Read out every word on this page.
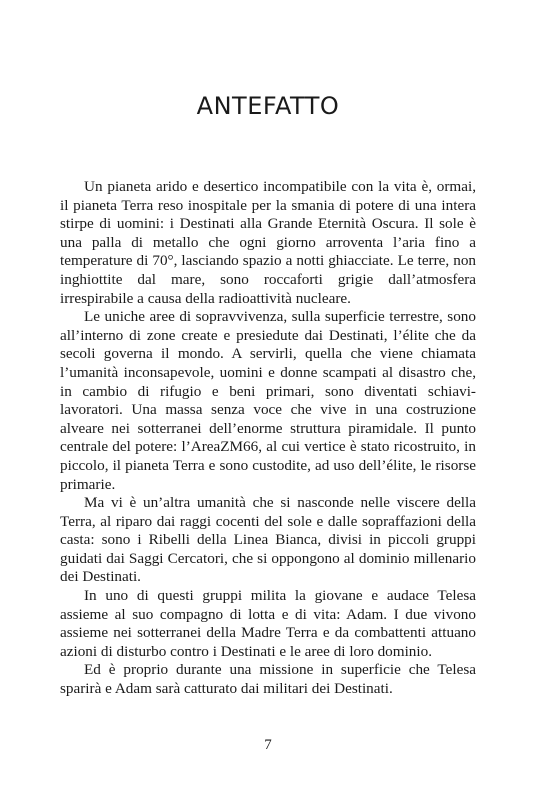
ANTEFATTO

Un pianeta arido e desertico incompatibile con la vita è, ormai, il pianeta Terra reso inospitale per la smania di potere di una intera stirpe di uomini: i Destinati alla Grande Eternità Oscura. Il sole è una palla di metallo che ogni giorno arroventa l’aria fino a temperature di 70°, lasciando spazio a notti ghiacciate. Le terre, non inghiottite dal mare, sono roccaforti grigie dall’atmosfera irrespirabile a causa della radioattività nucleare.

Le uniche aree di sopravvivenza, sulla superficie terrestre, sono all’interno di zone create e presiedute dai Destinati, l’élite che da secoli governa il mondo. A servirli, quella che viene chiamata l’umanità inconsapevole, uomini e donne scampati al disastro che, in cambio di rifugio e beni primari, sono diventati schiavi-lavoratori. Una massa senza voce che vive in una costruzione alveare nei sotterranei dell’enorme struttura piramidale. Il punto centrale del potere: l’AreaZM66, al cui vertice è stato ricostruito, in piccolo, il pianeta Terra e sono custodite, ad uso dell’élite, le risorse primarie.

Ma vi è un’altra umanità che si nasconde nelle viscere della Terra, al riparo dai raggi cocenti del sole e dalle sopraffazioni della casta: sono i Ribelli della Linea Bianca, divisi in piccoli gruppi guidati dai Saggi Cercatori, che si oppongono al dominio millenario dei Destinati.

In uno di questi gruppi milita la giovane e audace Telesa assieme al suo compagno di lotta e di vita: Adam. I due vivono assieme nei sotterranei della Madre Terra e da combattenti attuano azioni di disturbo contro i Destinati e le aree di loro dominio.

Ed è proprio durante una missione in superficie che Telesa sparirà e Adam sarà catturato dai militari dei Destinati.

7
